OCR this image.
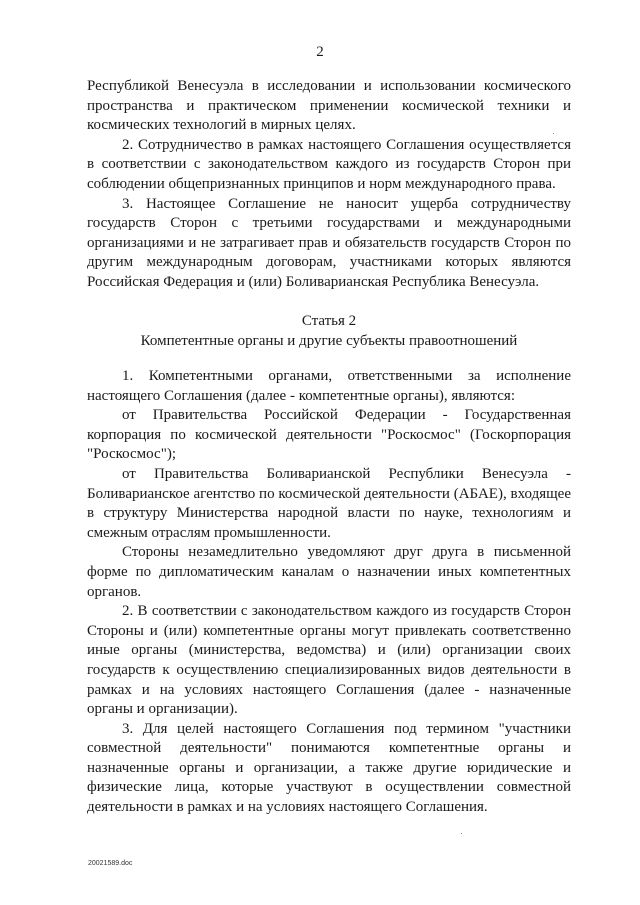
2

Республикой Венесуэла в исследовании и использовании космического пространства и практическом применении космической техники и космических технологий в мирных целях.

2. Сотрудничество в рамках настоящего Соглашения осуществляется в соответствии с законодательством каждого из государств Сторон при соблюдении общепризнанных принципов и норм международного права.

3. Настоящее Соглашение не наносит ущерба сотрудничеству государств Сторон с третьими государствами и международными организациями и не затрагивает прав и обязательств государств Сторон по другим международным договорам, участниками которых являются Российская Федерация и (или) Боливарианская Республика Венесуэла.

Статья 2
Компетентные органы и другие субъекты правоотношений

1. Компетентными органами, ответственными за исполнение настоящего Соглашения (далее - компетентные органы), являются:

от Правительства Российской Федерации - Государственная корпорация по космической деятельности "Роскосмос" (Госкорпорация "Роскосмос");

от Правительства Боливарианской Республики Венесуэла - Боливарианское агентство по космической деятельности (АБАЕ), входящее в структуру Министерства народной власти по науке, технологиям и смежным отраслям промышленности.

Стороны незамедлительно уведомляют друг друга в письменной форме по дипломатическим каналам о назначении иных компетентных органов.

2. В соответствии с законодательством каждого из государств Сторон Стороны и (или) компетентные органы могут привлекать соответственно иные органы (министерства, ведомства) и (или) организации своих государств к осуществлению специализированных видов деятельности в рамках и на условиях настоящего Соглашения (далее - назначенные органы и организации).

3. Для целей настоящего Соглашения под термином "участники совместной деятельности" понимаются компетентные органы и назначенные органы и организации, а также другие юридические и физические лица, которые участвуют в осуществлении совместной деятельности в рамках и на условиях настоящего Соглашения.

20021589.doc
